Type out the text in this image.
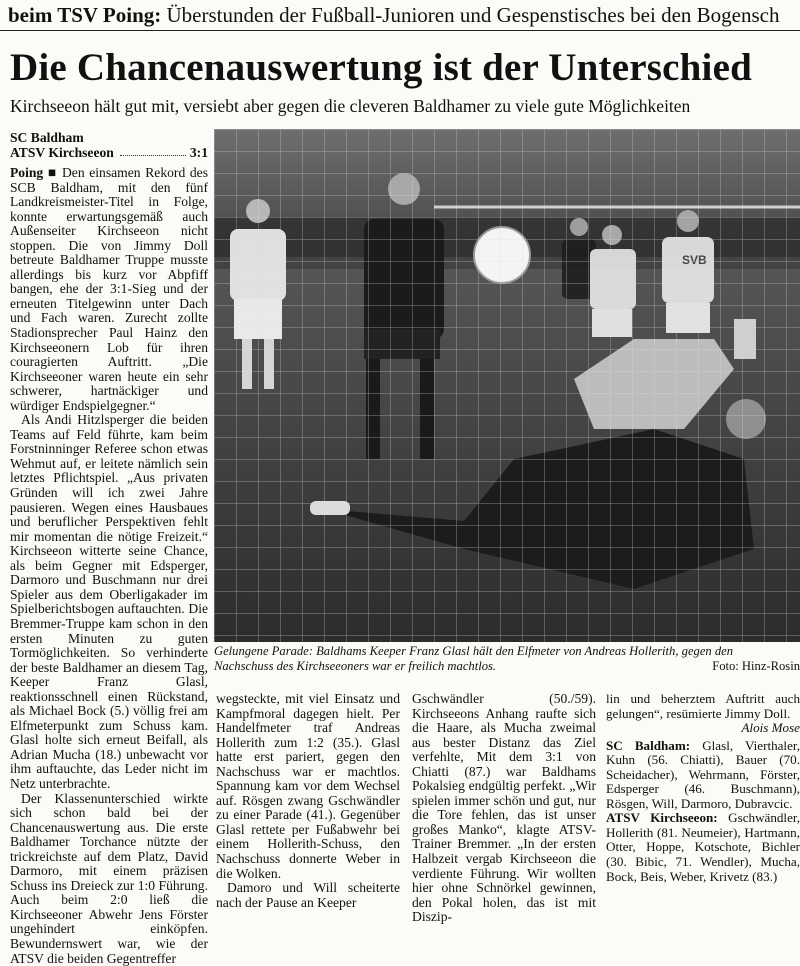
beim TSV Poing: Überstunden der Fußball-Junioren und Gespenstisches bei den Bogensch
Die Chancenauswertung ist der Unterschied
Kirchseeon hält gut mit, versiebt aber gegen die cleveren Baldhamer zu viele gute Möglichkeiten
SC Baldham
ATSV Kirchseeon	3:1

Poing ■ Den einsamen Rekord des SCB Baldham, mit den fünf Landkreismeister-Titel in Folge, konnte erwartungsgemäß auch Außenseiter Kirchseeon nicht stoppen. Die von Jimmy Doll betreute Baldhamer Truppe musste allerdings bis kurz vor Abpfiff bangen, ehe der 3:1-Sieg und der erneuten Titelgewinn unter Dach und Fach waren. Zurecht zollte Stadionsprecher Paul Hainz den Kirchseeonern Lob für ihren couragierten Auftritt. „Die Kirchseeoner waren heute ein sehr schwerer, hartnäckiger und würdiger Endspielgegner.“

Als Andi Hitzlsperger die beiden Teams auf Feld führte, kam beim Forstninninger Referee schon etwas Wehmut auf, er leitete nämlich sein letztes Pflichtspiel. „Aus privaten Gründen will ich zwei Jahre pausieren. Wegen eines Hausbaues und beruflicher Perspektiven fehlt mir momentan die nötige Freizeit.“ Kirchseeon witterte seine Chance, als beim Gegner mit Edsperger, Darmoro und Buschmann nur drei Spieler aus dem Oberligakader im Spielberichtsbogen auftauchten. Die Bremmer-Truppe kam schon in den ersten Minuten zu guten Tormöglichkeiten. So verhinderte der beste Baldhamer an diesem Tag, Keeper Franz Glasl, reaktionsschnell einen Rückstand, als Michael Bock (5.) völlig frei am Elfmeterpunkt zum Schuss kam. Glasl holte sich erneut Beifall, als Adrian Mucha (18.) unbewacht vor ihm auftauchte, das Leder nicht im Netz unterbrachte.

Der Klassenunterschied wirkte sich schon bald bei der Chancenauswertung aus. Die erste Baldhamer Torchance nützte der trickreichste auf dem Platz, David Darmoro, mit einem präzisen Schuss ins Dreieck zur 1:0 Führung. Auch beim 2:0 ließ die Kirchseeoner Abwehr Jens Förster ungehindert einköpfen. Bewundernswert war, wie der ATSV die beiden Gegentreffer

Gelungene Parade: Baldhams Keeper Franz Glasl hält den Elfmeter von Andreas Hollerith, gegen den
Nachschuss des Kirchseeoners war er freilich machtlos.	Foto: Hinz-Rosin

wegsteckte, mit viel Einsatz und Kampfmoral dagegen hielt. Per Handelfmeter traf Andreas Hollerith zum 1:2 (35.). Glasl hatte erst pariert, gegen den Nachschuss war er machtlos. Spannung kam vor dem Wechsel auf. Rösgen zwang Gschwändler zu einer Parade (41.). Gegenüber Glasl rettete per Fußabwehr bei einem Hollerith-Schuss, den Nachschuss donnerte Weber in die Wolken.

Damoro und Will scheiterte nach der Pause an Keeper

Gschwändler (50./59). Kirchseeons Anhang raufte sich die Haare, als Mucha zweimal aus bester Distanz das Ziel verfehlte, Mit dem 3:1 von Chiatti (87.) war Baldhams Pokalsieg endgültig perfekt. „Wir spielen immer schön und gut, nur die Tore fehlen, das ist unser großes Manko“, klagte ATSV-Trainer Bremmer. „In der ersten Halbzeit vergab Kirchseeon die verdiente Führung. Wir wollten hier ohne Schnörkel gewinnen, den Pokal holen, das ist mit Diszip-

lin und beherztem Auftritt auch gelungen“, resümierte Jimmy Doll.

Alois Mose

SC Baldham: Glasl, Vierthaler, Kuhn (56. Chiatti), Bauer (70. Scheidacher), Wehrmann, Förster, Edsperger (46. Buschmann), Rösgen, Will, Darmoro, Dubravcic.

ATSV Kirchseeon: Gschwändler, Hollerith (81. Neumeier), Hartmann, Otter, Hoppe, Kotschote, Bichler (30. Bibic, 71. Wendler), Mucha, Bock, Beis, Weber, Krivetz (83.)
